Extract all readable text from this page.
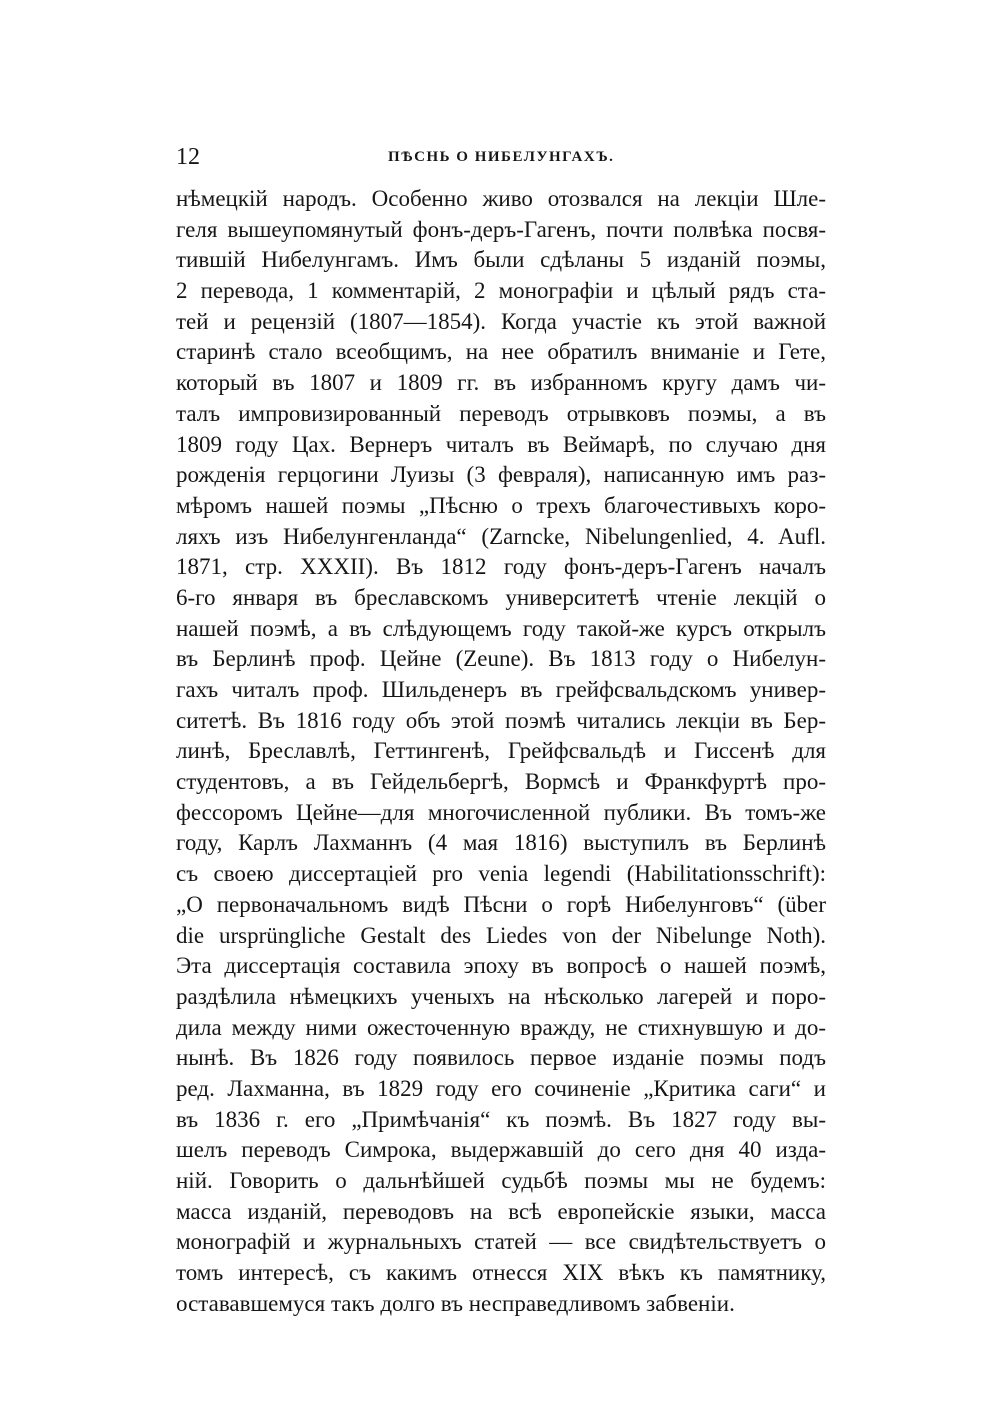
12	ПѢСНЬ О НИБЕЛУНГАХЪ.
нѣмецкій народъ. Особенно живо отозвался на лекціи Шле-
геля вышеупомянутый фонъ-деръ-Гагенъ, почти полвѣка посвя-
тившій Нибелунгамъ. Имъ были сдѣланы 5 изданій поэмы,
2 перевода, 1 комментарій, 2 монографіи и цѣлый рядъ ста-
тей и рецензій (1807—1854). Когда участіе къ этой важной
старинѣ стало всеобщимъ, на нее обратилъ вниманіе и Гете,
который въ 1807 и 1809 гг. въ избранномъ кругу дамъ чи-
талъ импровизированный переводъ отрывковъ поэмы, а въ
1809 году Цах. Вернеръ читалъ въ Веймарѣ, по случаю дня
рожденія герцогини Луизы (3 февраля), написанную имъ раз-
мѣромъ нашей поэмы „Пѣсню о трехъ благочестивыхъ коро-
ляхъ изъ Нибелунгенланда“ (Zarncke, Nibelungenlied, 4. Aufl.
1871, стр. XXXII). Въ 1812 году фонъ-деръ-Гагенъ началъ
6-го января въ бреславскомъ университетѣ чтеніе лекцій о
нашей поэмѣ, а въ слѣдующемъ году такой-же курсъ открылъ
въ Берлинѣ проф. Цейне (Zeune). Въ 1813 году о Нибелун-
гахъ читалъ проф. Шильденеръ въ грейфсвальдскомъ универ-
ситетѣ. Въ 1816 году объ этой поэмѣ читались лекціи въ Бер-
линѣ, Бреславлѣ, Геттингенѣ, Грейфсвальдѣ и Гиссенѣ для
студентовъ, а въ Гейдельбергѣ, Вормсѣ и Франкфуртѣ про-
фессоромъ Цейне—для многочисленной публики. Въ томъ-же
году, Карлъ Лахманнъ (4 мая 1816) выступилъ въ Берлинѣ
съ своею диссертаціей pro venia legendi (Habilitationsschrift):
„О первоначальномъ видѣ Пѣсни о горѣ Нибелунговъ“ (über
die ursprüngliche Gestalt des Liedes von der Nibelunge Noth).
Эта диссертація составила эпоху въ вопросѣ о нашей поэмѣ,
раздѣлила нѣмецкихъ ученыхъ на нѣсколько лагерей и поро-
дила между ними ожесточенную вражду, не стихнувшую и до-
нынѣ. Въ 1826 году появилось первое изданіе поэмы подъ
ред. Лахманна, въ 1829 году его сочиненіе „Критика саги“ и
въ 1836 г. его „Примѣчанія“ къ поэмѣ. Въ 1827 году вы-
шелъ переводъ Симрока, выдержавшій до сего дня 40 изда-
ній. Говорить о дальнѣйшей судьбѣ поэмы мы не будемъ:
масса изданій, переводовъ на всѣ европейскіе языки, масса
монографій и журнальныхъ статей — все свидѣтельствуетъ о
томъ интересѣ, съ какимъ отнесся XIX вѣкъ къ памятнику,
остававшемуся такъ долго въ несправедливомъ забвеніи.
